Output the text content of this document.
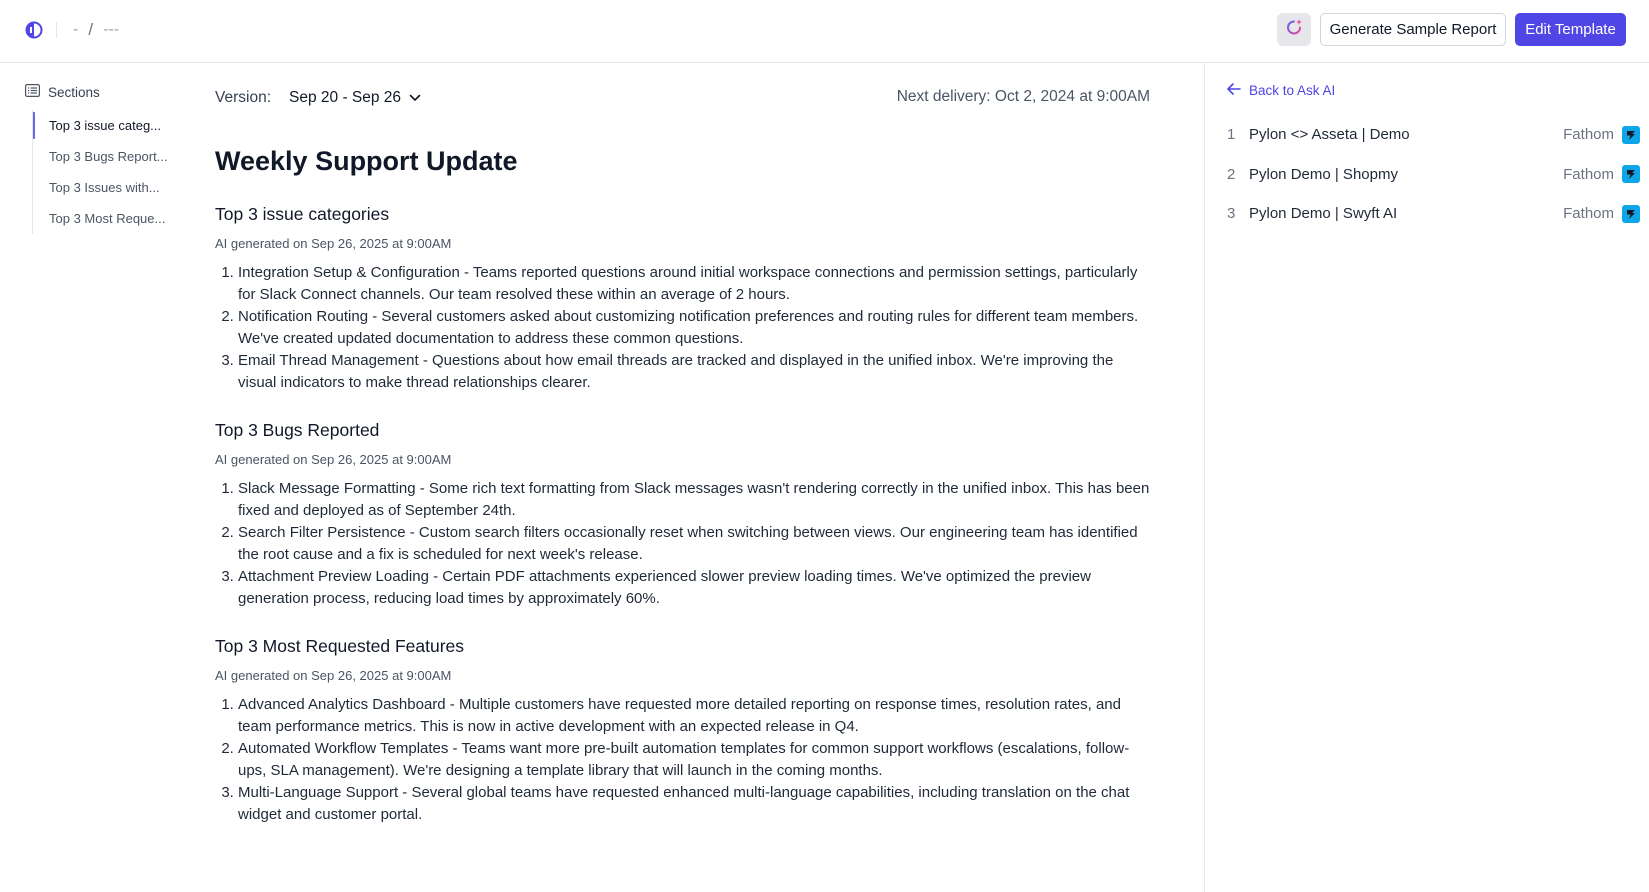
- / ---	Generate Sample Report	Edit Template
Sections
Top 3 issue categ...
Top 3 Bugs Report...
Top 3 Issues with...
Top 3 Most Reque...
Version: Sep 20 - Sep 26	Next delivery: Oct 2, 2024 at 9:00AM
Weekly Support Update
Top 3 issue categories
AI generated on Sep 26, 2025 at 9:00AM
1. Integration Setup & Configuration - Teams reported questions around initial workspace connections and permission settings, particularly for Slack Connect channels. Our team resolved these within an average of 2 hours.
2. Notification Routing - Several customers asked about customizing notification preferences and routing rules for different team members. We've created updated documentation to address these common questions.
3. Email Thread Management - Questions about how email threads are tracked and displayed in the unified inbox. We're improving the visual indicators to make thread relationships clearer.
Top 3 Bugs Reported
AI generated on Sep 26, 2025 at 9:00AM
1. Slack Message Formatting - Some rich text formatting from Slack messages wasn't rendering correctly in the unified inbox. This has been fixed and deployed as of September 24th.
2. Search Filter Persistence - Custom search filters occasionally reset when switching between views. Our engineering team has identified the root cause and a fix is scheduled for next week's release.
3. Attachment Preview Loading - Certain PDF attachments experienced slower preview loading times. We've optimized the preview generation process, reducing load times by approximately 60%.
Top 3 Most Requested Features
AI generated on Sep 26, 2025 at 9:00AM
1. Advanced Analytics Dashboard - Multiple customers have requested more detailed reporting on response times, resolution rates, and team performance metrics. This is now in active development with an expected release in Q4.
2. Automated Workflow Templates - Teams want more pre-built automation templates for common support workflows (escalations, follow-ups, SLA management). We're designing a template library that will launch in the coming months.
3. Multi-Language Support - Several global teams have requested enhanced multi-language capabilities, including translation on the chat widget and customer portal.
Back to Ask AI
1 Pylon <> Asseta | Demo	Fathom
2 Pylon Demo | Shopmy	Fathom
3 Pylon Demo | Swyft AI	Fathom
